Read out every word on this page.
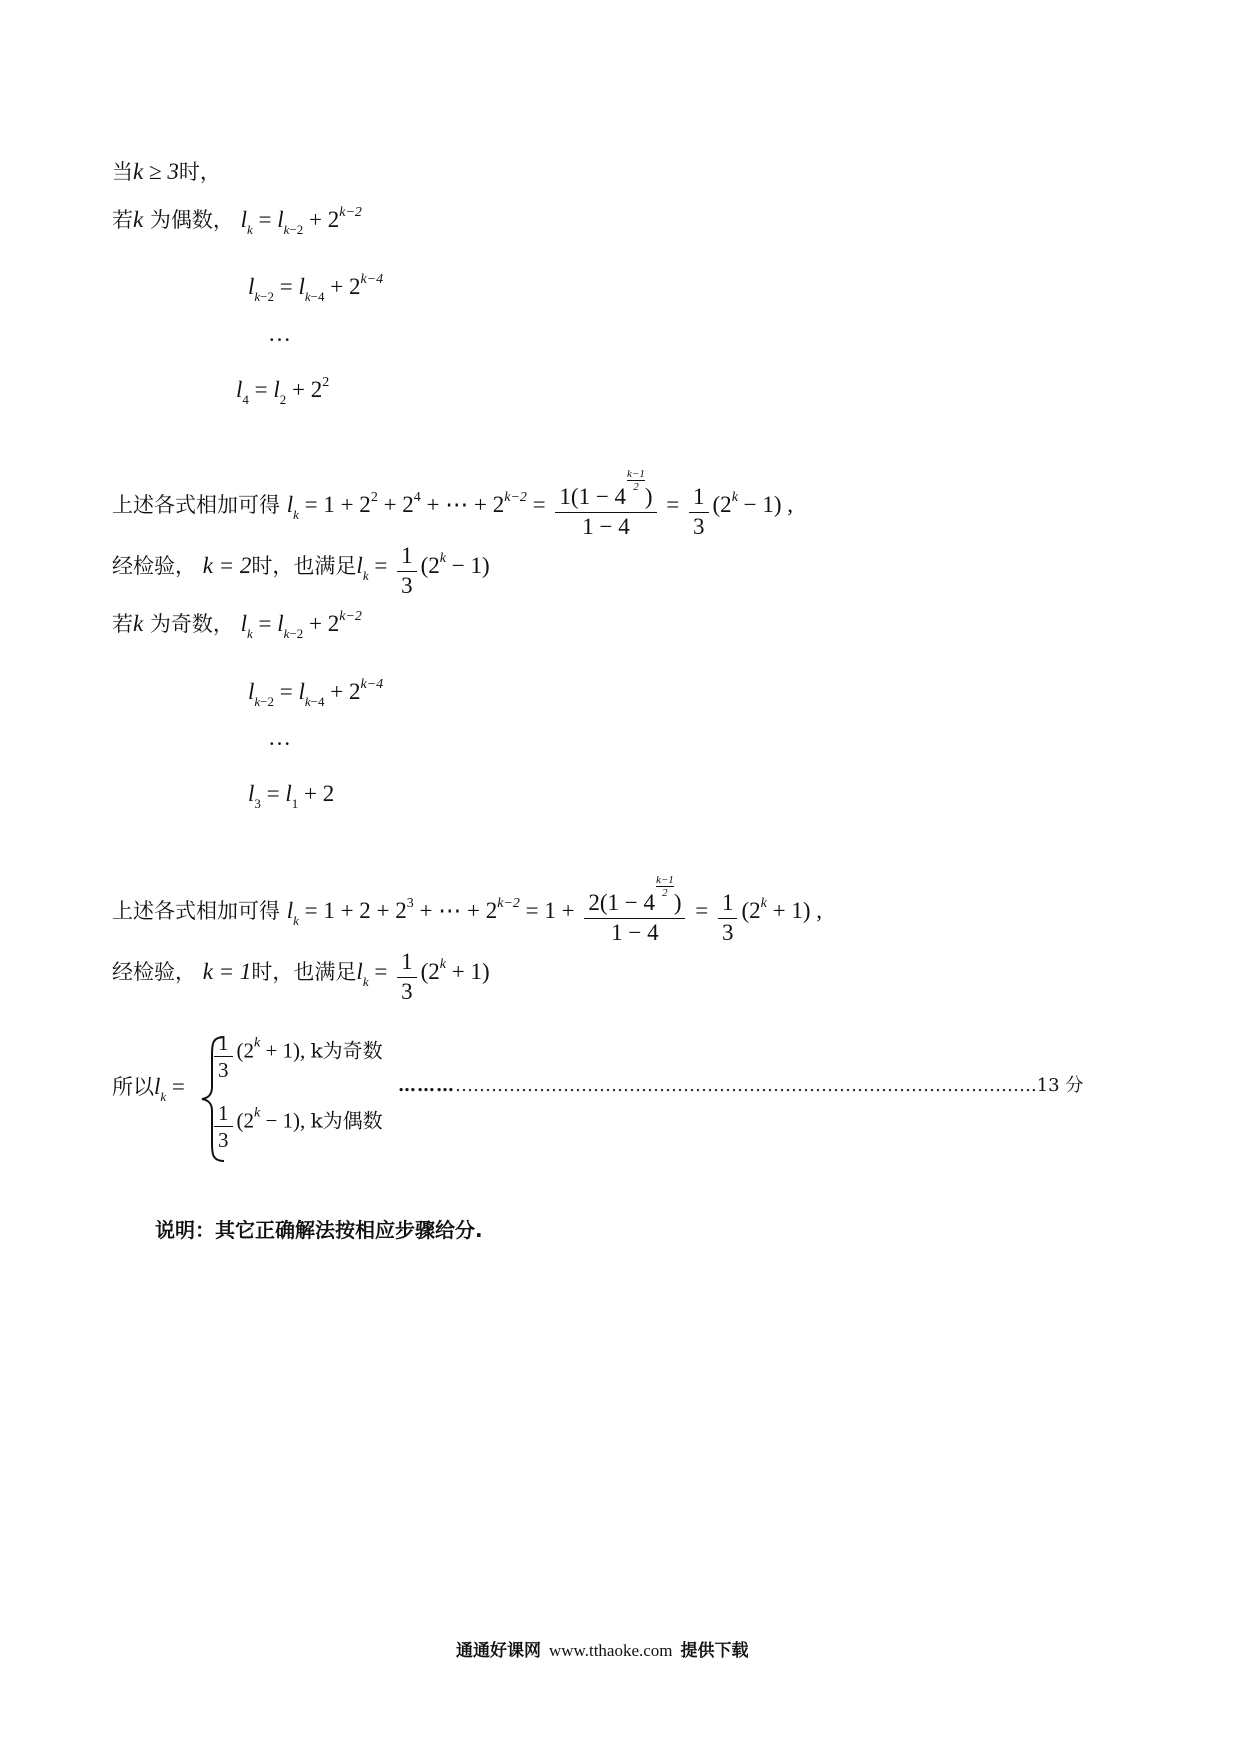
当k ≥ 3时，
若k 为偶数， $l_k = l_{k-2} + 2^{k-2}$
$l_{k-2} = l_{k-4} + 2^{k-4}$
…
$l_4 = l_2 + 2^2$
上述各式相加可得 $l_k = 1 + 2^2 + 2^4$ + ⋯ + $2^{k-2} = 1(1 - 4$
$\frac{k-1}{2}$
)
$1 - 4 = \frac{1}{3} (2^k - 1)$ ,
经检验， k = 2时，也满足$l_k = \frac{1}{3} (2^k - 1)$
若k 为奇数， $l_k = l_{k-2} + 2^{k-2}$
$l_{k-2} = l_{k-4} + 2^{k-4}$
…
$l_3 = l_1 + 2$
上述各式相加可得 $l_k = 1 + 2 + 2^3$ + ⋯ + $2^{k-2} = 1 + 2(1 - 4$
$\frac{k-1}{2}$
)
$1 - 4 = \frac{1}{3} (2^k + 1)$ ,
经检验， k = 1时，也满足$l_k = \frac{1}{3} (2^k + 1)$
所以$l_k$ =
$\frac{1}{3} (2^k + 1)$, k为奇数
$\frac{1}{3} (2^k - 1)$, k为偶数
…………………………………………………………………………………………….13 分
说明：其它正确解法按相应步骤给分.
通通好课网 www.tthaoke.com 提供下载
